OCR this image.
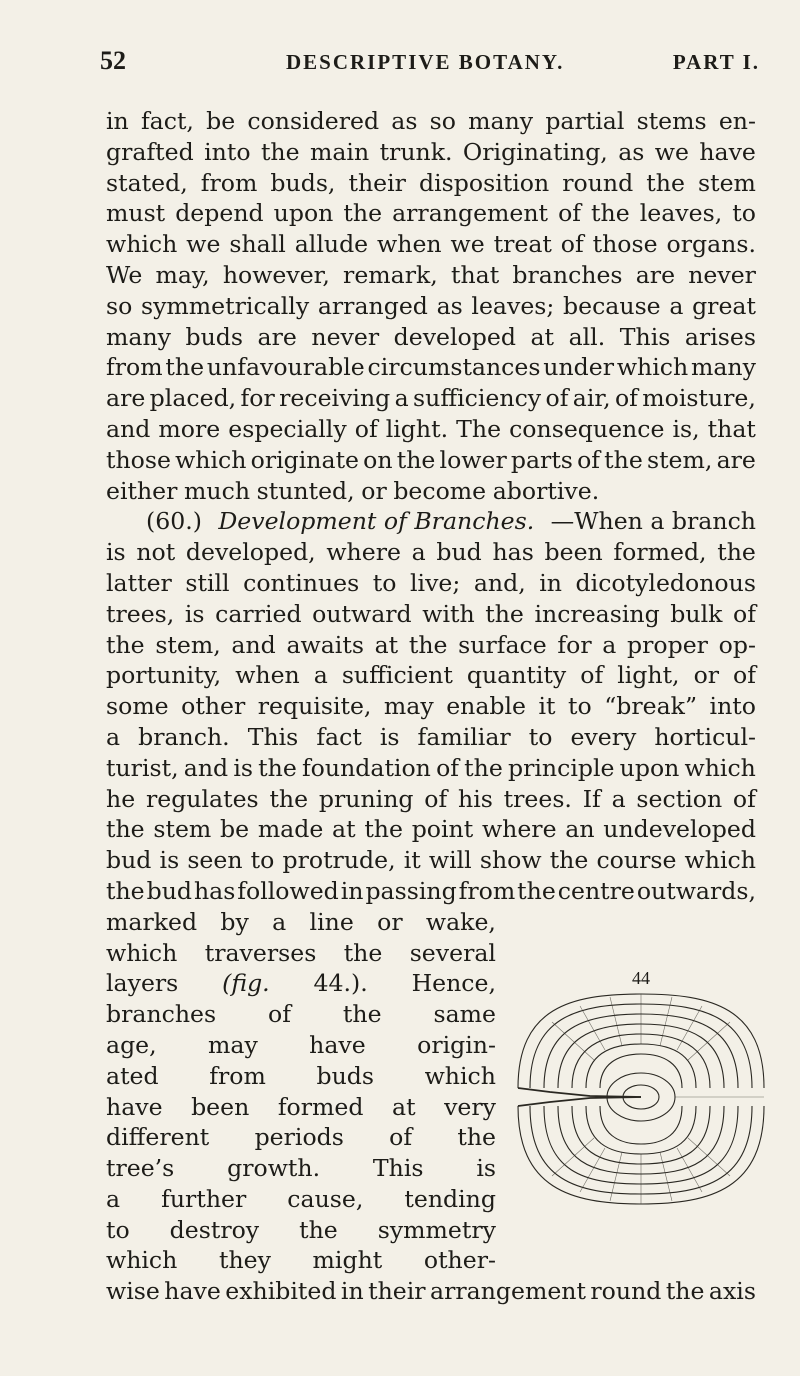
52	DESCRIPTIVE BOTANY.	PART I.
in fact, be considered as so many partial stems en-
grafted into the main trunk. Originating, as we have
stated, from buds, their disposition round the stem
must depend upon the arrangement of the leaves, to
which we shall allude when we treat of those organs.
We may, however, remark, that branches are never
so symmetrically arranged as leaves; because a great
many buds are never developed at all. This arises
from the unfavourable circumstances under which many
are placed, for receiving a sufficiency of air, of moisture,
and more especially of light. The consequence is, that
those which originate on the lower parts of the stem, are
either much stunted, or become abortive.
(60.) Development of Branches. —When a branch
is not developed, where a bud has been formed, the
latter still continues to live; and, in dicotyledonous
trees, is carried outward with the increasing bulk of
the stem, and awaits at the surface for a proper op-
portunity, when a sufficient quantity of light, or of
some other requisite, may enable it to “break” into
a branch. This fact is familiar to every horticul-
turist, and is the foundation of the principle upon which
he regulates the pruning of his trees. If a section of
the stem be made at the point where an undeveloped
bud is seen to protrude, it will show the course which
the bud has followed in passing from the centre outwards,
marked by a line or wake,
which traverses the several
layers (fig. 44.). Hence,
branches of the same
age, may have origin-
ated from buds which
have been formed at very
different periods of the
tree’s growth. This is
a further cause, tending
to destroy the symmetry
which they might other-
wise have exhibited in their arrangement round the axis
44
